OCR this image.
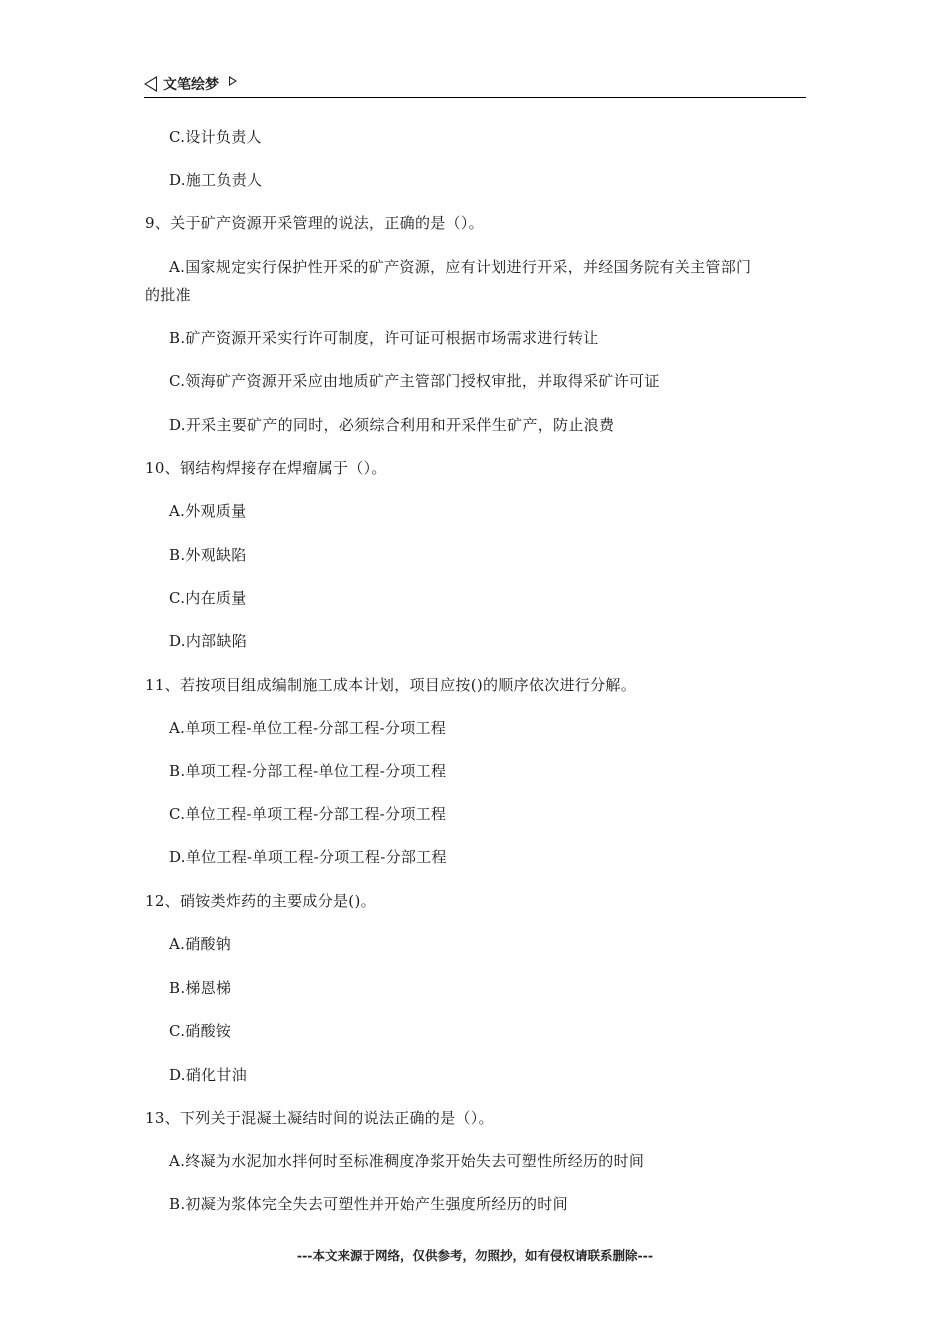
文笔绘梦
C.设计负责人
D.施工负责人
9、关于矿产资源开采管理的说法，正确的是（）。
A.国家规定实行保护性开采的矿产资源，应有计划进行开采，并经国务院有关主管部门
的批准
B.矿产资源开采实行许可制度，许可证可根据市场需求进行转让
C.领海矿产资源开采应由地质矿产主管部门授权审批，并取得采矿许可证
D.开采主要矿产的同时，必须综合利用和开采伴生矿产，防止浪费
10、钢结构焊接存在焊瘤属于（）。
A.外观质量
B.外观缺陷
C.内在质量
D.内部缺陷
11、若按项目组成编制施工成本计划，项目应按()的顺序依次进行分解。
A.单项工程-单位工程-分部工程-分项工程
B.单项工程-分部工程-单位工程-分项工程
C.单位工程-单项工程-分部工程-分项工程
D.单位工程-单项工程-分项工程-分部工程
12、硝铵类炸药的主要成分是()。
A.硝酸钠
B.梯恩梯
C.硝酸铵
D.硝化甘油
13、下列关于混凝土凝结时间的说法正确的是（）。
A.终凝为水泥加水拌何时至标准稠度净浆开始失去可塑性所经历的时间
B.初凝为浆体完全失去可塑性并开始产生强度所经历的时间
---本文来源于网络，仅供参考，勿照抄，如有侵权请联系删除---
